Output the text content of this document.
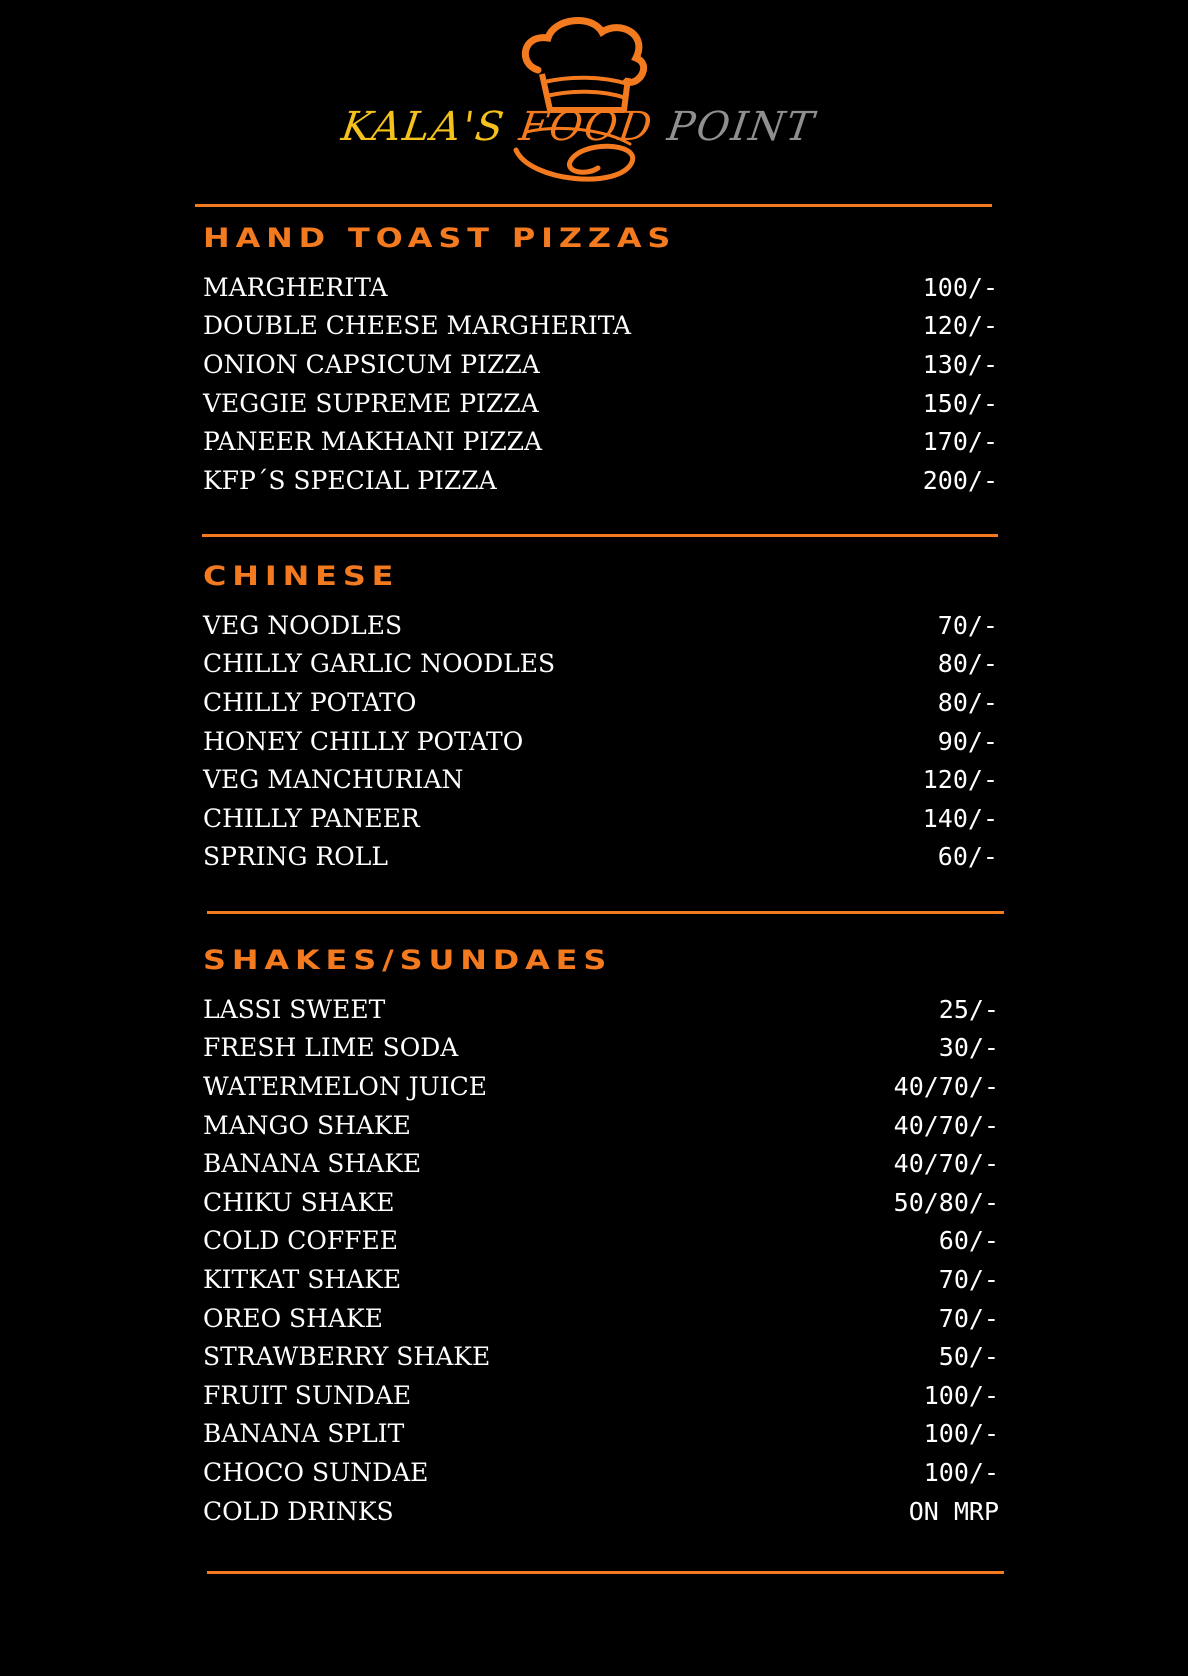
KALA'S FOOD POINT
HAND TOAST PIZZAS
MARGHERITA	100/-
DOUBLE CHEESE MARGHERITA	120/-
ONION CAPSICUM PIZZA	130/-
VEGGIE SUPREME PIZZA	150/-
PANEER MAKHANI PIZZA	170/-
KFP´S SPECIAL PIZZA	200/-
CHINESE
VEG NOODLES	70/-
CHILLY GARLIC NOODLES	80/-
CHILLY POTATO	80/-
HONEY CHILLY POTATO	90/-
VEG MANCHURIAN	120/-
CHILLY PANEER	140/-
SPRING ROLL	60/-
SHAKES/SUNDAES
LASSI SWEET	25/-
FRESH LIME SODA	30/-
WATERMELON JUICE	40/70/-
MANGO SHAKE	40/70/-
BANANA SHAKE	40/70/-
CHIKU SHAKE	50/80/-
COLD COFFEE	60/-
KITKAT SHAKE	70/-
OREO SHAKE	70/-
STRAWBERRY SHAKE	50/-
FRUIT SUNDAE	100/-
BANANA SPLIT	100/-
CHOCO SUNDAE	100/-
COLD DRINKS	ON MRP
